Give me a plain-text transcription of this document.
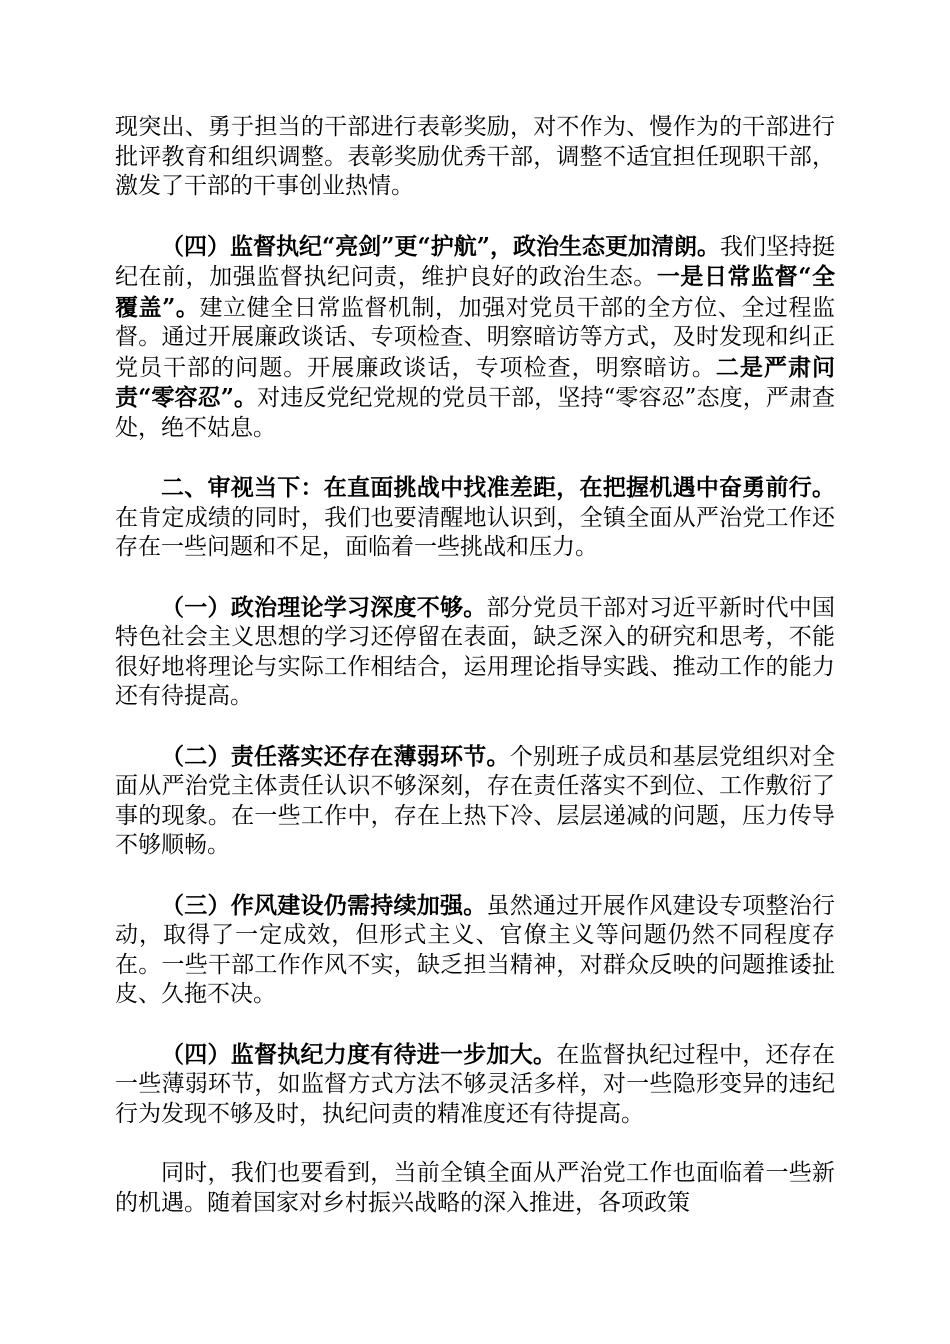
现突出、勇于担当的干部进行表彰奖励，对不作为、慢作为的干部进行批评教育和组织调整。表彰奖励优秀干部，调整不适宜担任现职干部，激发了干部的干事创业热情。

（四）监督执纪“亮剑”更“护航”，政治生态更加清朗。我们坚持挺纪在前，加强监督执纪问责，维护良好的政治生态。一是日常监督“全覆盖”。建立健全日常监督机制，加强对党员干部的全方位、全过程监督。通过开展廉政谈话、专项检查、明察暗访等方式，及时发现和纠正党员干部的问题。开展廉政谈话，专项检查，明察暗访。二是严肃问责“零容忍”。对违反党纪党规的党员干部，坚持“零容忍”态度，严肃查处，绝不姑息。

二、审视当下：在直面挑战中找准差距，在把握机遇中奋勇前行。在肯定成绩的同时，我们也要清醒地认识到，全镇全面从严治党工作还存在一些问题和不足，面临着一些挑战和压力。

（一）政治理论学习深度不够。部分党员干部对习近平新时代中国特色社会主义思想的学习还停留在表面，缺乏深入的研究和思考，不能很好地将理论与实际工作相结合，运用理论指导实践、推动工作的能力还有待提高。

（二）责任落实还存在薄弱环节。个别班子成员和基层党组织对全面从严治党主体责任认识不够深刻，存在责任落实不到位、工作敷衍了事的现象。在一些工作中，存在上热下冷、层层递减的问题，压力传导不够顺畅。

（三）作风建设仍需持续加强。虽然通过开展作风建设专项整治行动，取得了一定成效，但形式主义、官僚主义等问题仍然不同程度存在。一些干部工作作风不实，缺乏担当精神，对群众反映的问题推诿扯皮、久拖不决。

（四）监督执纪力度有待进一步加大。在监督执纪过程中，还存在一些薄弱环节，如监督方式方法不够灵活多样，对一些隐形变异的违纪行为发现不够及时，执纪问责的精准度还有待提高。

同时，我们也要看到，当前全镇全面从严治党工作也面临着一些新的机遇。随着国家对乡村振兴战略的深入推进，各项政策
